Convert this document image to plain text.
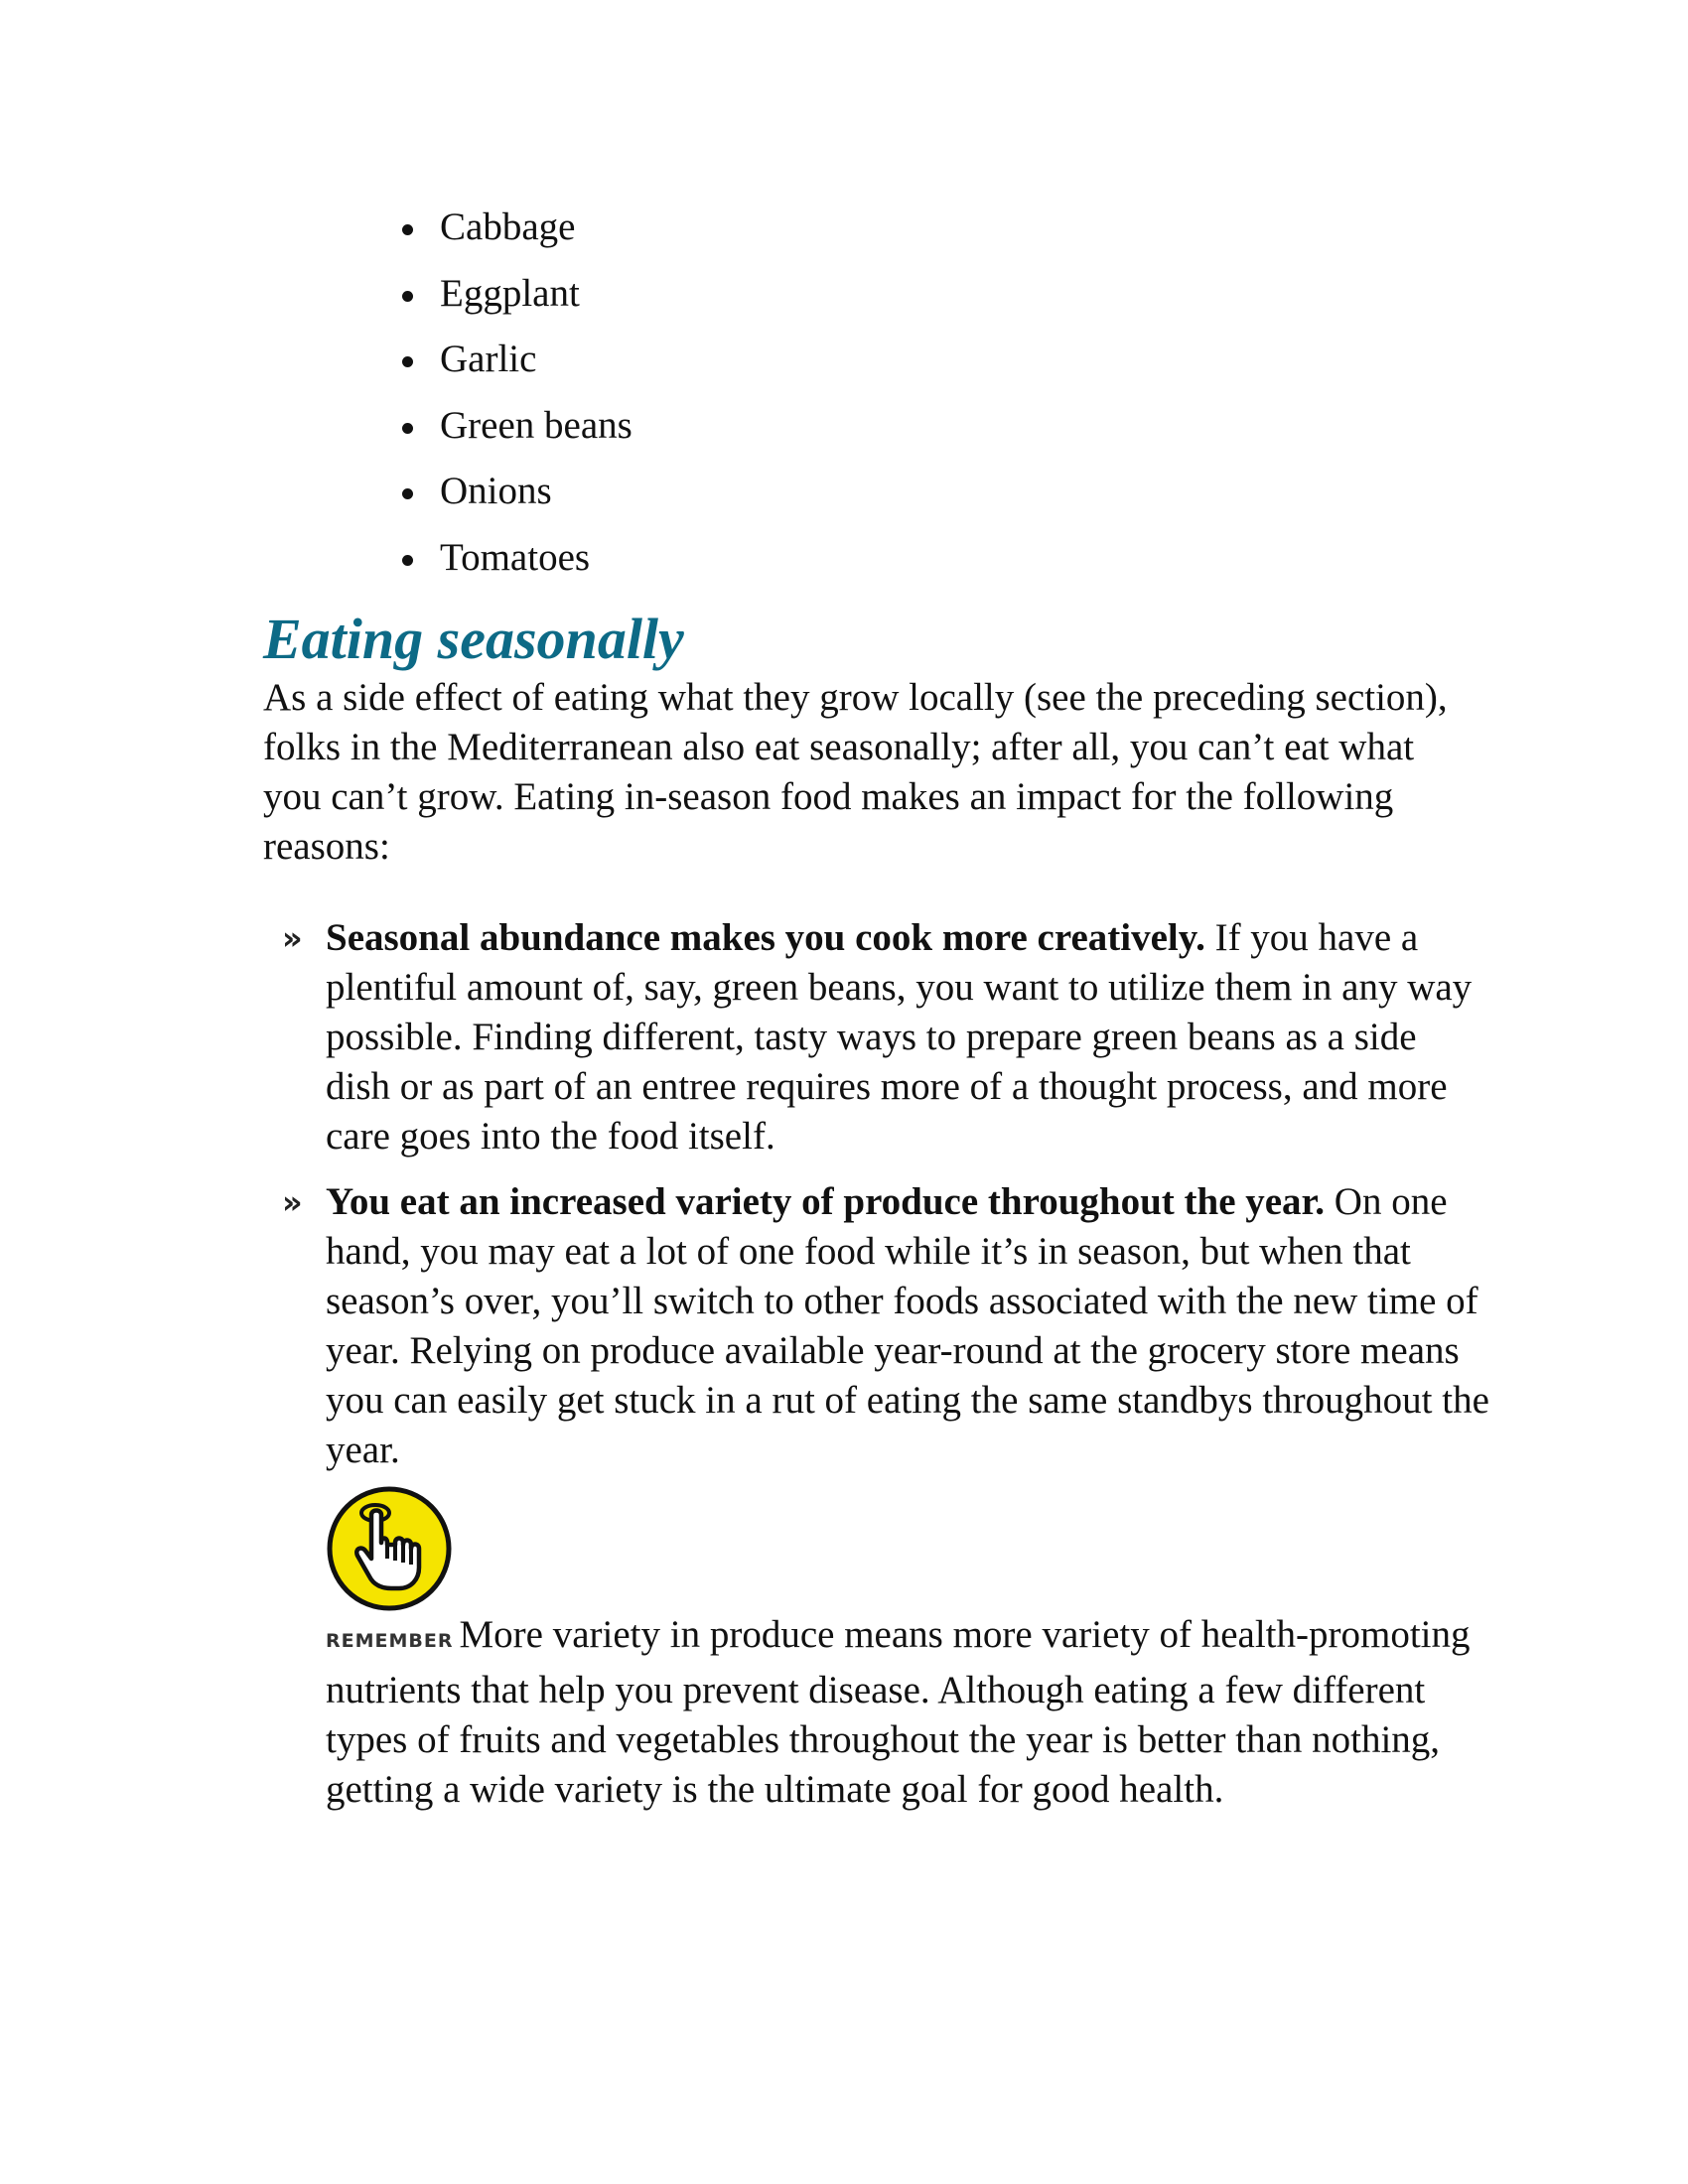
Cabbage
Eggplant
Garlic
Green beans
Onions
Tomatoes
Eating seasonally

As a side effect of eating what they grow locally (see the preceding section), folks in the Mediterranean also eat seasonally; after all, you can’t eat what you can’t grow. Eating in-season food makes an impact for the following reasons:

» Seasonal abundance makes you cook more creatively. If you have a plentiful amount of, say, green beans, you want to utilize them in any way possible. Finding different, tasty ways to prepare green beans as a side dish or as part of an entree requires more of a thought process, and more care goes into the food itself.
» You eat an increased variety of produce throughout the year. On one hand, you may eat a lot of one food while it’s in season, but when that season’s over, you’ll switch to other foods associated with the new time of year. Relying on produce available year-round at the grocery store means you can easily get stuck in a rut of eating the same standbys throughout the year.

REMEMBER More variety in produce means more variety of health-promoting nutrients that help you prevent disease. Although eating a few different types of fruits and vegetables throughout the year is better than nothing, getting a wide variety is the ultimate goal for good health.
